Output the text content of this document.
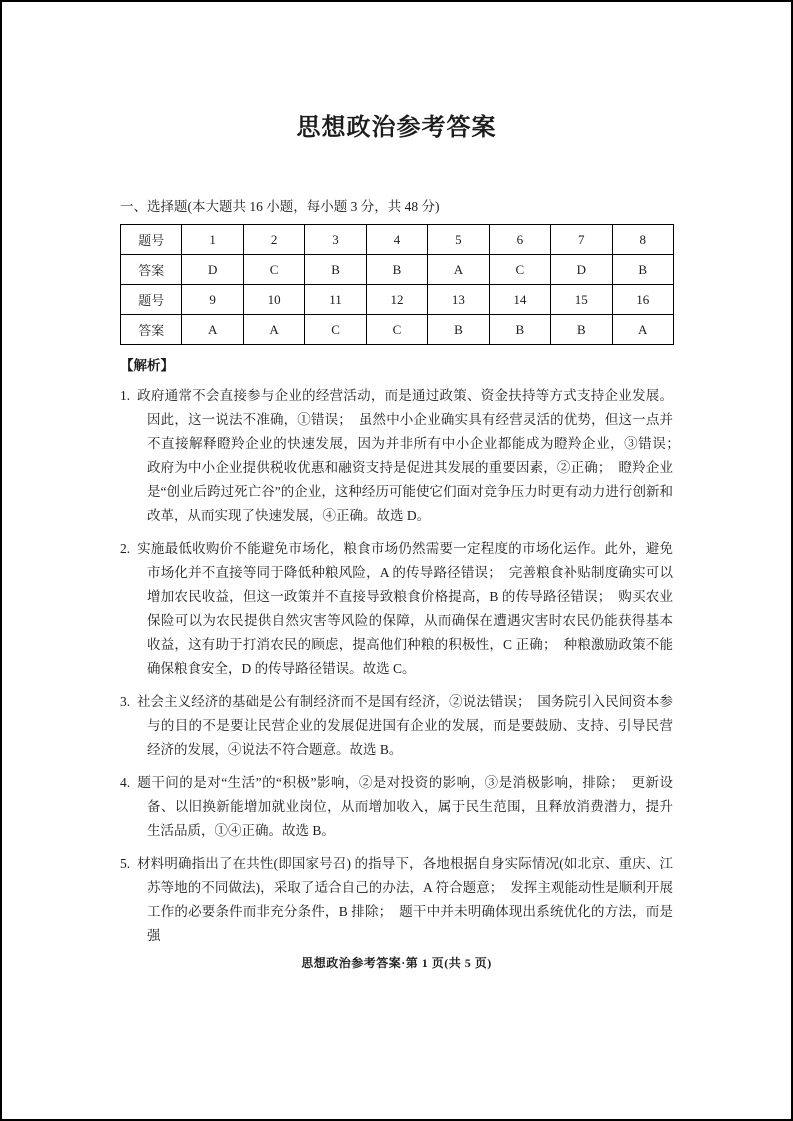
思想政治参考答案
一、选择题(本大题共 16 小题，每小题 3 分，共 48 分)
题号	1	2	3	4	5	6	7	8
答案	D	C	B	B	A	C	D	B
题号	9	10	11	12	13	14	15	16
答案	A	A	C	C	B	B	B	A
【解析】

1. 政府通常不会直接参与企业的经营活动，而是通过政策、资金扶持等方式支持企业发展。因此，这一说法不准确，①错误；　虽然中小企业确实具有经营灵活的优势，但这一点并不直接解释瞪羚企业的快速发展，因为并非所有中小企业都能成为瞪羚企业，③错误；　政府为中小企业提供税收优惠和融资支持是促进其发展的重要因素，②正确；　瞪羚企业是“创业后跨过死亡谷”的企业，这种经历可能使它们面对竞争压力时更有动力进行创新和改革，从而实现了快速发展，④正确。故选 D。

2. 实施最低收购价不能避免市场化，粮食市场仍然需要一定程度的市场化运作。此外，避免市场化并不直接等同于降低种粮风险，A 的传导路径错误；　完善粮食补贴制度确实可以增加农民收益，但这一政策并不直接导致粮食价格提高，B 的传导路径错误；　购买农业保险可以为农民提供自然灾害等风险的保障，从而确保在遭遇灾害时农民仍能获得基本收益，这有助于打消农民的顾虑，提高他们种粮的积极性，C 正确；　种粮激励政策不能确保粮食安全，D 的传导路径错误。故选 C。

3. 社会主义经济的基础是公有制经济而不是国有经济，②说法错误；　国务院引入民间资本参与的目的不是要让民营企业的发展促进国有企业的发展，而是要鼓励、支持、引导民营经济的发展，④说法不符合题意。故选 B。

4. 题干问的是对“生活”的“积极”影响，②是对投资的影响，③是消极影响，排除；　更新设备、以旧换新能增加就业岗位，从而增加收入，属于民生范围，且释放消费潜力，提升生活品质，①④正确。故选 B。

5. 材料明确指出了在共性(即国家号召) 的指导下，各地根据自身实际情况(如北京、重庆、江苏等地的不同做法)，采取了适合自己的办法，A 符合题意；　发挥主观能动性是顺利开展工作的必要条件而非充分条件，B 排除；　题干中并未明确体现出系统优化的方法，而是强

思想政治参考答案·第 1 页(共 5 页)
